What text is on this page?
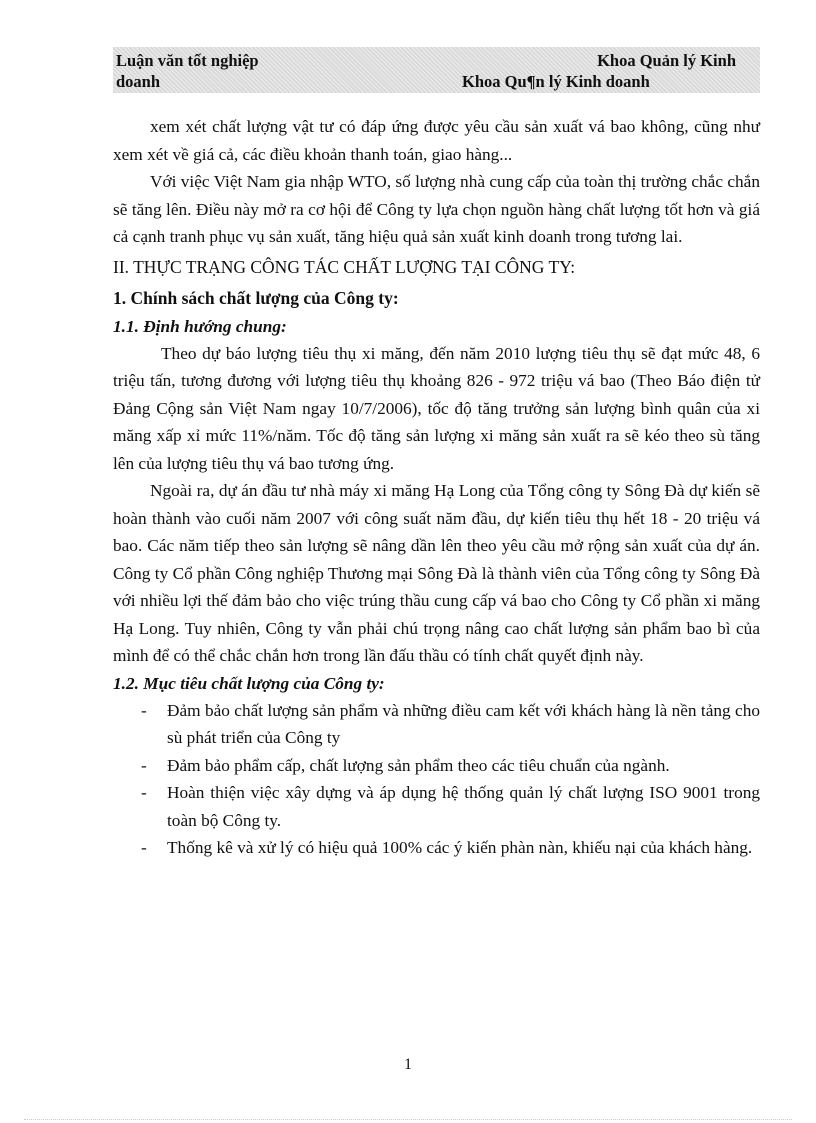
Luận văn tốt nghiệp
doanh
Khoa Quản lý Kinh
Khoa Qu¶n lý Kinh doanh

xem xét chất lượng vật tư có đáp ứng được yêu cầu sản xuất vá bao không, cũng như xem xét về giá cả, các điều khoản thanh toán, giao hàng...

Với việc Việt Nam gia nhập WTO, số lượng nhà cung cấp của toàn thị trường chắc chắn sẽ tăng lên. Điều này mở ra cơ hội để Công ty lựa chọn nguồn hàng chất lượng tốt hơn và giá cả cạnh tranh phục vụ sản xuất, tăng hiệu quả sản xuất kinh doanh trong tương lai.

II. THỰC TRẠNG CÔNG TÁC CHẤT LƯỢNG TẠI CÔNG TY:
1. Chính sách chất lượng của Công ty:
1.1. Định hướng chung:

Theo dự báo lượng tiêu thụ xi măng, đến năm 2010 lượng tiêu thụ sẽ đạt mức 48, 6 triệu tấn, tương đương với lượng tiêu thụ khoảng 826 - 972 triệu vá bao (Theo Báo điện tử Đảng Cộng sản Việt Nam ngay 10/7/2006), tốc độ tăng trưởng sản lượng bình quân của xi măng xấp xỉ mức 11%/năm. Tốc độ tăng sản lượng xi măng sản xuất ra sẽ kéo theo sù tăng lên của lượng tiêu thụ vá bao tương ứng.

Ngoài ra, dự án đầu tư nhà máy xi măng Hạ Long của Tổng công ty Sông Đà dự kiến sẽ hoàn thành vào cuối năm 2007 với công suất năm đầu, dự kiến tiêu thụ hết 18 - 20 triệu vá bao. Các năm tiếp theo sản lượng sẽ nâng dần lên theo yêu cầu mở rộng sản xuất của dự án. Công ty Cổ phần Công nghiệp Thương mại Sông Đà là thành viên của Tổng công ty Sông Đà với nhiều lợi thế đảm bảo cho việc trúng thầu cung cấp vá bao cho Công ty Cổ phần xi măng Hạ Long. Tuy nhiên, Công ty vẫn phải chú trọng nâng cao chất lượng sản phẩm bao bì của mình để có thể chắc chắn hơn trong lần đấu thầu có tính chất quyết định này.

1.2. Mục tiêu chất lượng của Công ty:
- Đảm bảo chất lượng sản phẩm và những điều cam kết với khách hàng là nền tảng cho sù phát triển của Công ty
- Đảm bảo phẩm cấp, chất lượng sản phẩm theo các tiêu chuẩn của ngành.
- Hoàn thiện việc xây dựng và áp dụng hệ thống quản lý chất lượng ISO 9001 trong toàn bộ Công ty.
- Thống kê và xử lý có hiệu quả 100% các ý kiến phàn nàn, khiếu nại của khách hàng.
1
